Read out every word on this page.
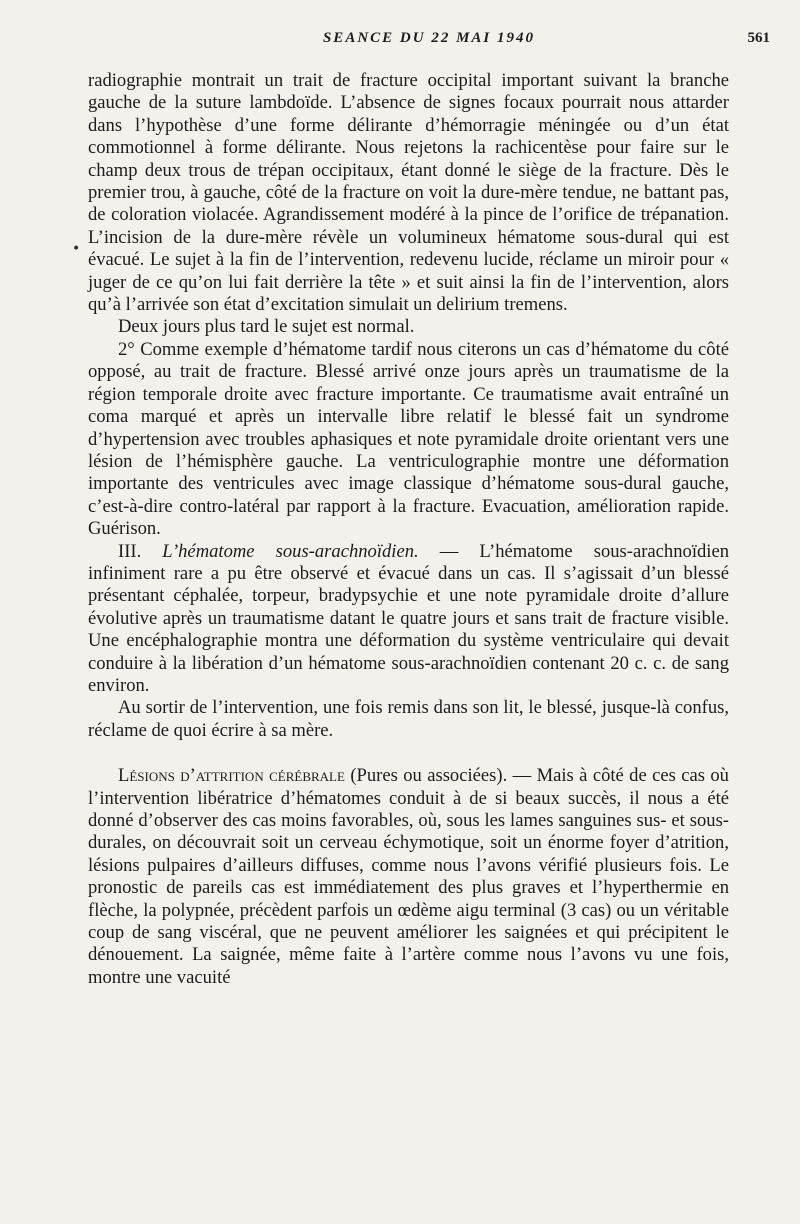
SEANCE DU 22 MAI 1940	561
•

radiographie montrait un trait de fracture occipital important suivant la branche gauche de la suture lambdoïde. L’absence de signes focaux pourrait nous attarder dans l’hypothèse d’une forme délirante d’hémorragie méningée ou d’un état commotionnel à forme délirante. Nous rejetons la rachicentèse pour faire sur le champ deux trous de trépan occipitaux, étant donné le siège de la fracture. Dès le premier trou, à gauche, côté de la fracture on voit la dure-mère tendue, ne battant pas, de coloration violacée. Agrandissement modéré à la pince de l’orifice de trépanation. L’incision de la dure-mère révèle un volumineux hématome sous-dural qui est évacué. Le sujet à la fin de l’intervention, redevenu lucide, réclame un miroir pour « juger de ce qu’on lui fait derrière la tête » et suit ainsi la fin de l’intervention, alors qu’à l’arrivée son état d’excitation simulait un delirium tremens.

Deux jours plus tard le sujet est normal.

2° Comme exemple d’hématome tardif nous citerons un cas d’hématome du côté opposé, au trait de fracture. Blessé arrivé onze jours après un traumatisme de la région temporale droite avec fracture importante. Ce traumatisme avait entraîné un coma marqué et après un intervalle libre relatif le blessé fait un syndrome d’hypertension avec troubles aphasiques et note pyramidale droite orientant vers une lésion de l’hémisphère gauche. La ventriculographie montre une déformation importante des ventricules avec image classique d’hématome sous-dural gauche, c’est-à-dire contro-latéral par rapport à la fracture. Evacuation, amélioration rapide. Guérison.

III. L’hématome sous-arachnoïdien. — L’hématome sous-arachnoïdien infiniment rare a pu être observé et évacué dans un cas. Il s’agissait d’un blessé présentant céphalée, torpeur, bradypsychie et une note pyramidale droite d’allure évolutive après un traumatisme datant le quatre jours et sans trait de fracture visible. Une encéphalographie montra une déformation du système ventriculaire qui devait conduire à la libération d’un hématome sous-arachnoïdien contenant 20 c. c. de sang environ.

Au sortir de l’intervention, une fois remis dans son lit, le blessé, jusque-là confus, réclame de quoi écrire à sa mère.

Lésions d’attrition cérébrale (Pures ou associées). — Mais à côté de ces cas où l’intervention libératrice d’hématomes conduit à de si beaux succès, il nous a été donné d’observer des cas moins favorables, où, sous les lames sanguines sus- et sous-durales, on découvrait soit un cerveau échymotique, soit un énorme foyer d’atrition, lésions pulpaires d’ailleurs diffuses, comme nous l’avons vérifié plusieurs fois. Le pronostic de pareils cas est immédiatement des plus graves et l’hyperthermie en flèche, la polypnée, précèdent parfois un œdème aigu terminal (3 cas) ou un véritable coup de sang viscéral, que ne peuvent améliorer les saignées et qui précipitent le dénouement. La saignée, même faite à l’artère comme nous l’avons vu une fois, montre une vacuité
